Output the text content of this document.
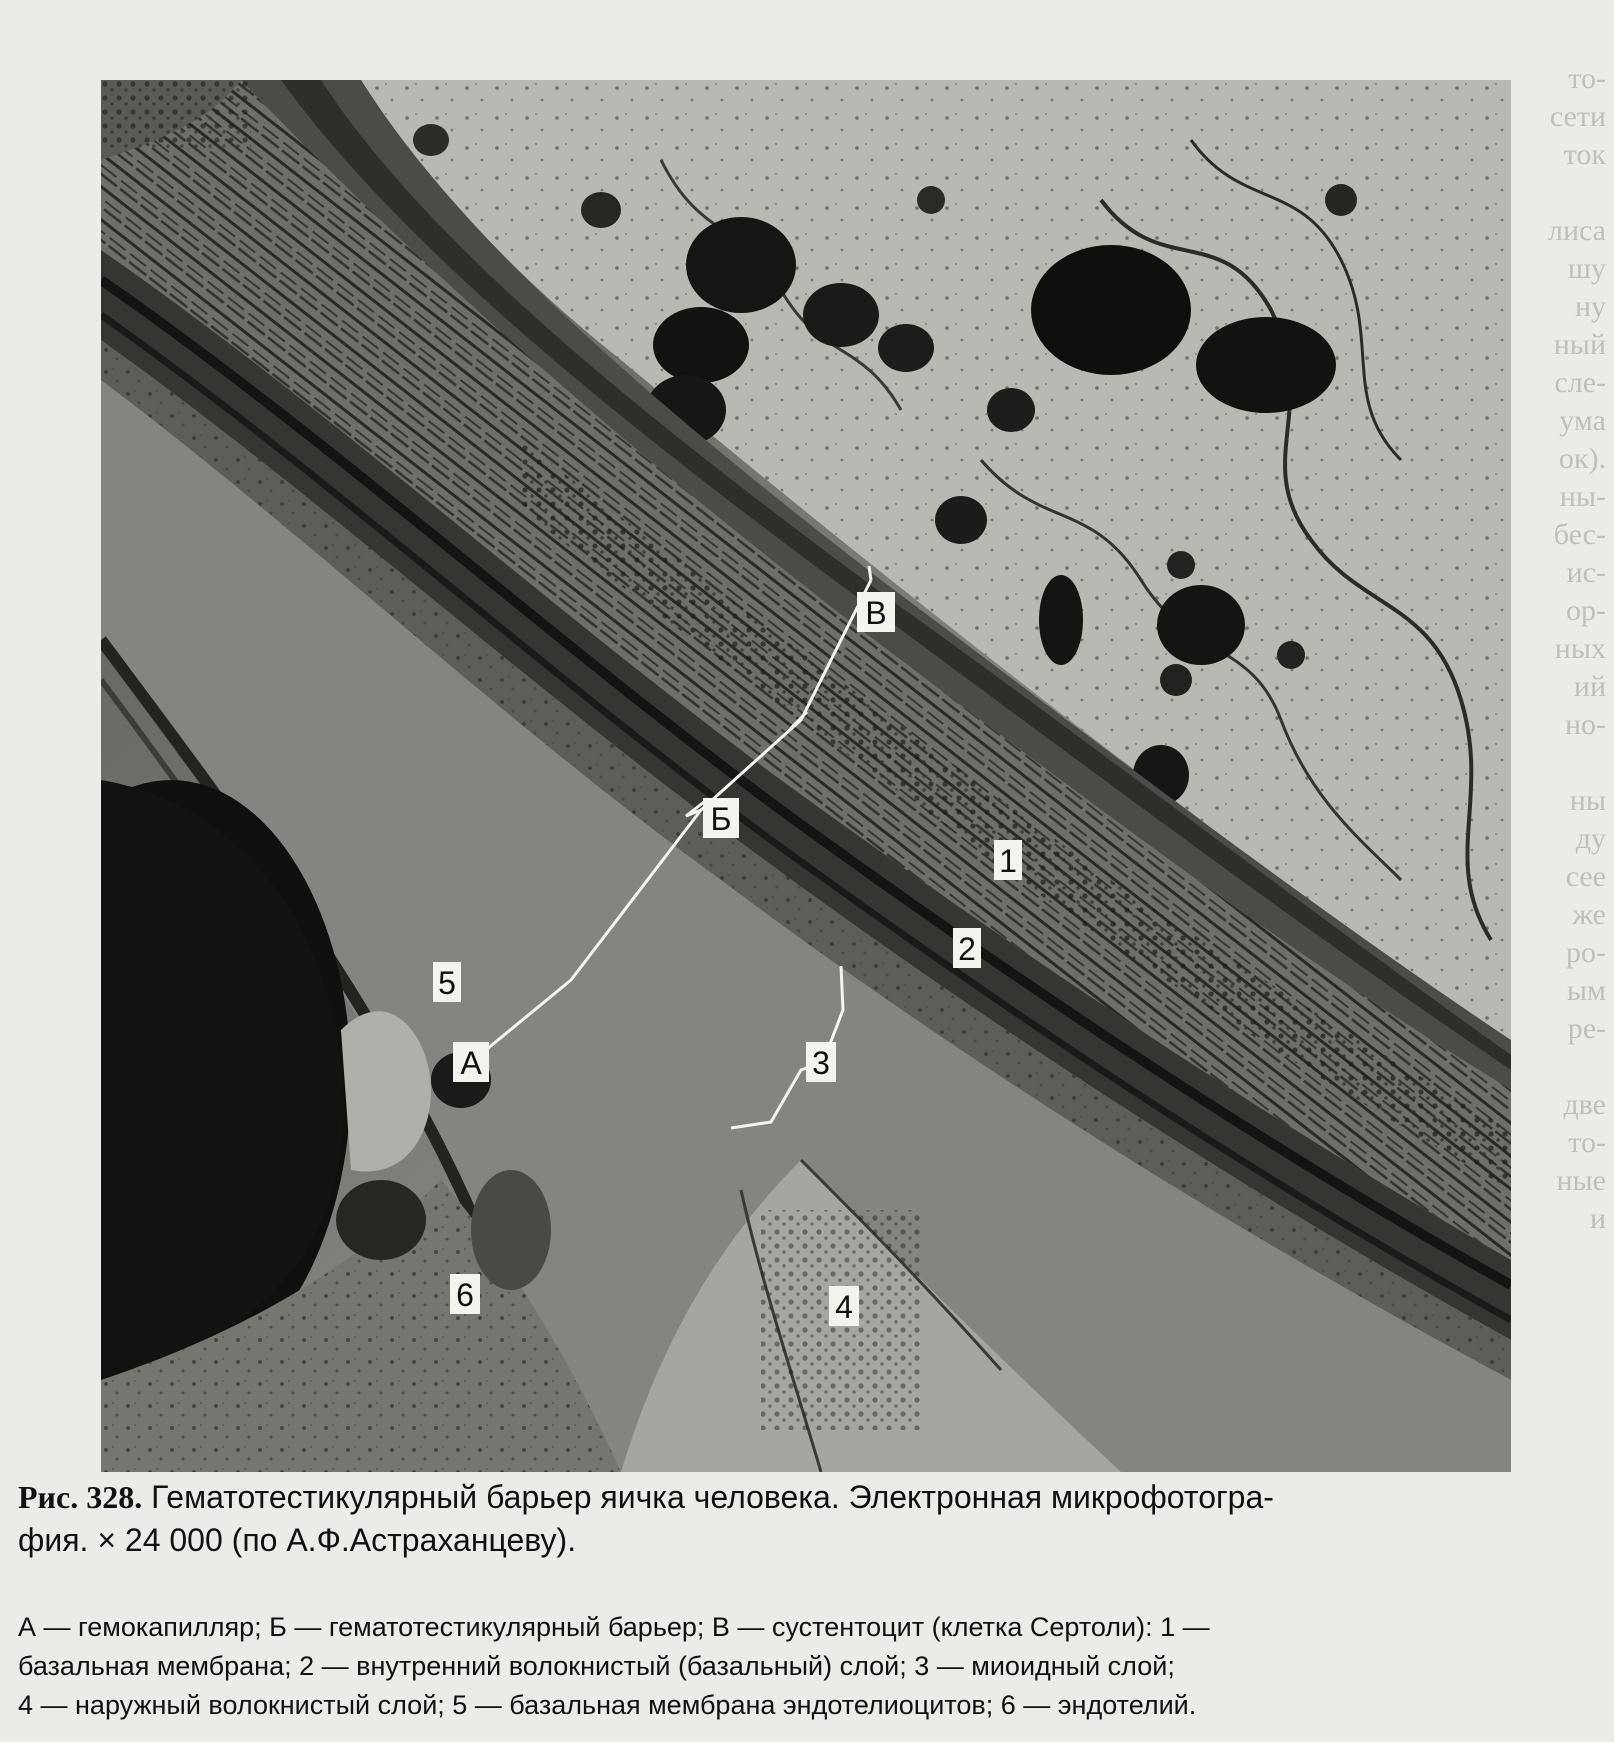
то-
сети
ток

лиса
шу
ну
ный
сле-
ума
ок).
ны-
бес-
ис-
ор-
ных
ий
но-

ны
ду
сее
же
ро-
ым
ре-

две
то-
ные
и
В
Б
А
1
2
3
4
5
6
Рис. 328. Гематотестикулярный барьер яичка человека. Электронная микрофотогра-
фия. × 24 000 (по А.Ф.Астраханцеву).
А — гемокапилляр; Б — гематотестикулярный барьер; В — сустентоцит (клетка Сертоли): 1 —
базальная мембрана; 2 — внутренний волокнистый (базальный) слой; 3 — миоидный слой;
4 — наружный волокнистый слой; 5 — базальная мембрана эндотелиоцитов; 6 — эндотелий.
